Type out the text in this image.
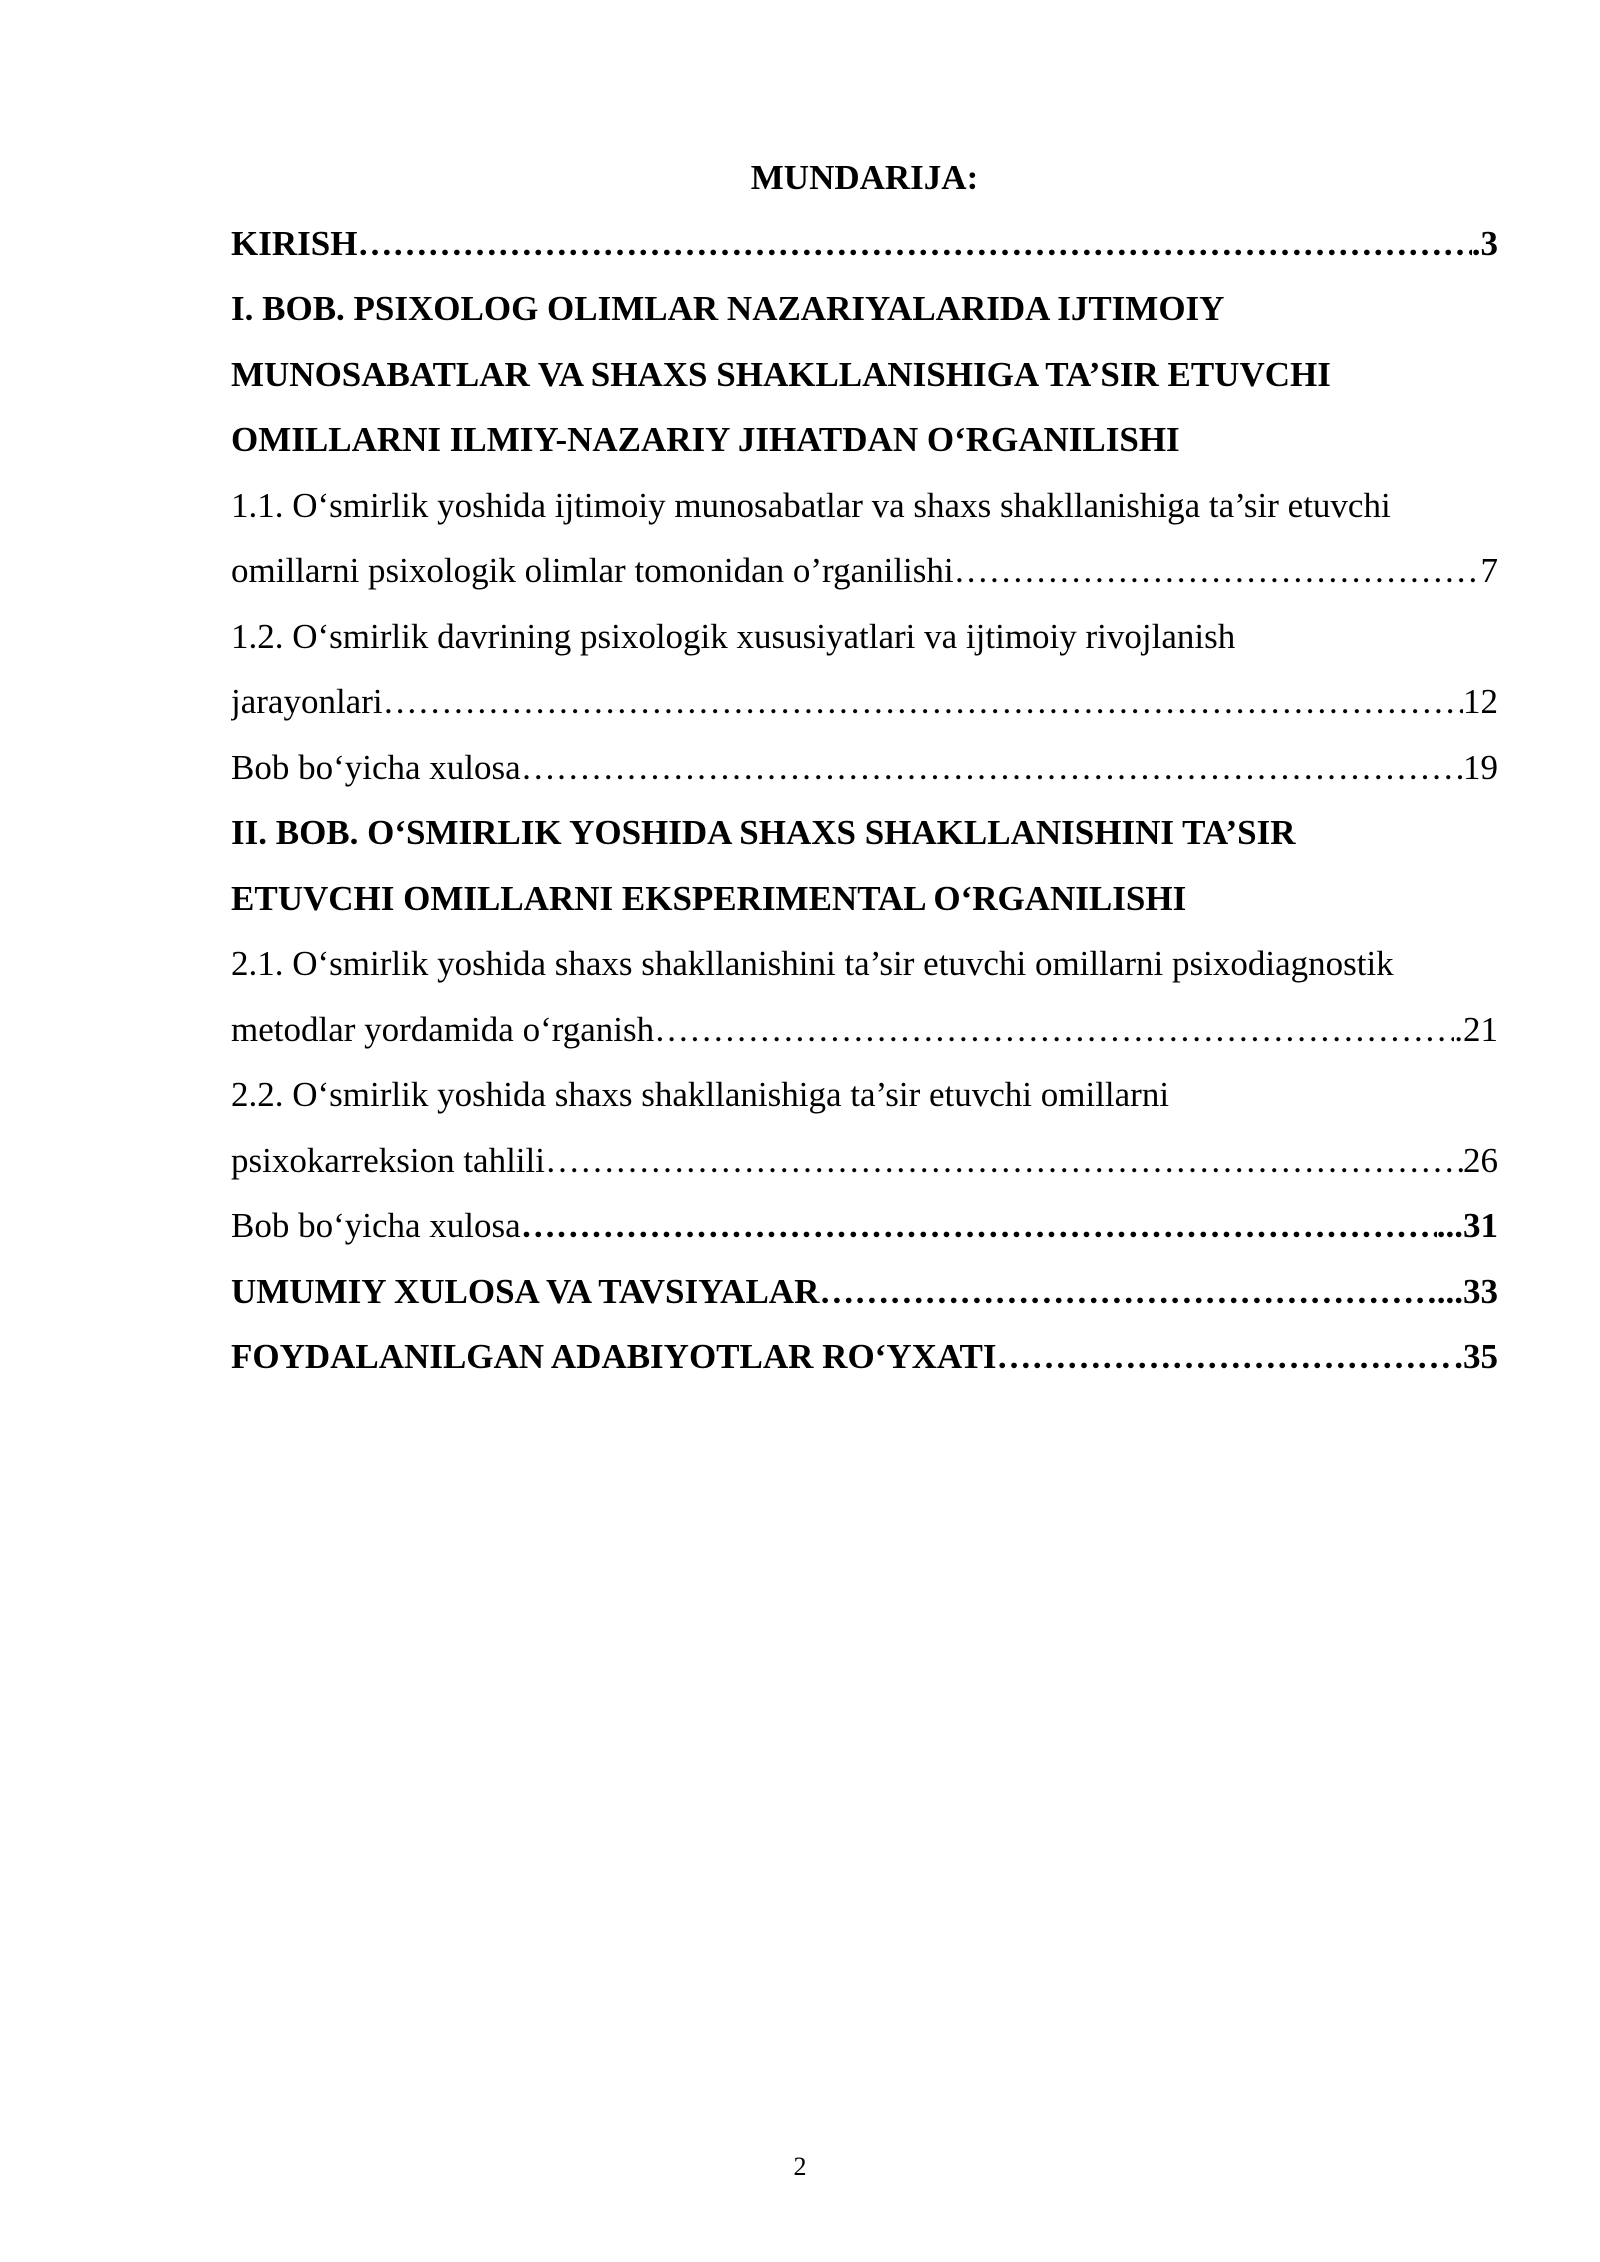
MUNDARIJA:
KIRISH …………………………………………………………………………………………………………………………………………………………………………………………	.3
I. BOB. PSIXOLOG OLIMLAR NAZARIYALARIDA IJTIMOIY
MUNOSABATLAR VA SHAXS SHAKLLANISHIGA TA’SIR ETUVCHI
OMILLARNI ILMIY-NAZARIY JIHATDAN O‘RGANILISHI
1.1. O‘smirlik yoshida ijtimoiy munosabatlar va shaxs shakllanishiga ta’sir etuvchi
omillarni psixologik olimlar tomonidan o’rganilishi …………………………………………………………………………………………………………………………………………………………………………………………	7
1.2. O‘smirlik davrining psixologik xususiyatlari va ijtimoiy rivojlanish
jarayonlari …………………………………………………………………………………………………………………………………………………………………………………………	12
Bob bo‘yicha xulosa …………………………………………………………………………………………………………………………………………………………………………………………	19
II. BOB. O‘SMIRLIK YOSHIDA SHAXS SHAKLLANISHINI TA’SIR
ETUVCHI OMILLARNI EKSPERIMENTAL O‘RGANILISHI
2.1. O‘smirlik yoshida shaxs shakllanishini ta’sir etuvchi omillarni psixodiagnostik
metodlar yordamida o‘rganish …………………………………………………………………………………………………………………………………………………………………………………………	.21
2.2. O‘smirlik yoshida shaxs shakllanishiga ta’sir etuvchi omillarni
psixokarreksion tahlili …………………………………………………………………………………………………………………………………………………………………………………………	26
Bob bo‘yicha xulosa …………………………………………………………………………………………………………………………………………………………………………………………	...31
UMUMIY XULOSA VA TAVSIYALAR …………………………………………………………………………………………………………………………………………………………………………………………	...33
FOYDALANILGAN ADABIYOTLAR RO‘YXATI …………………………………………………………………………………………………………………………………………………………………………………………	.35
2
